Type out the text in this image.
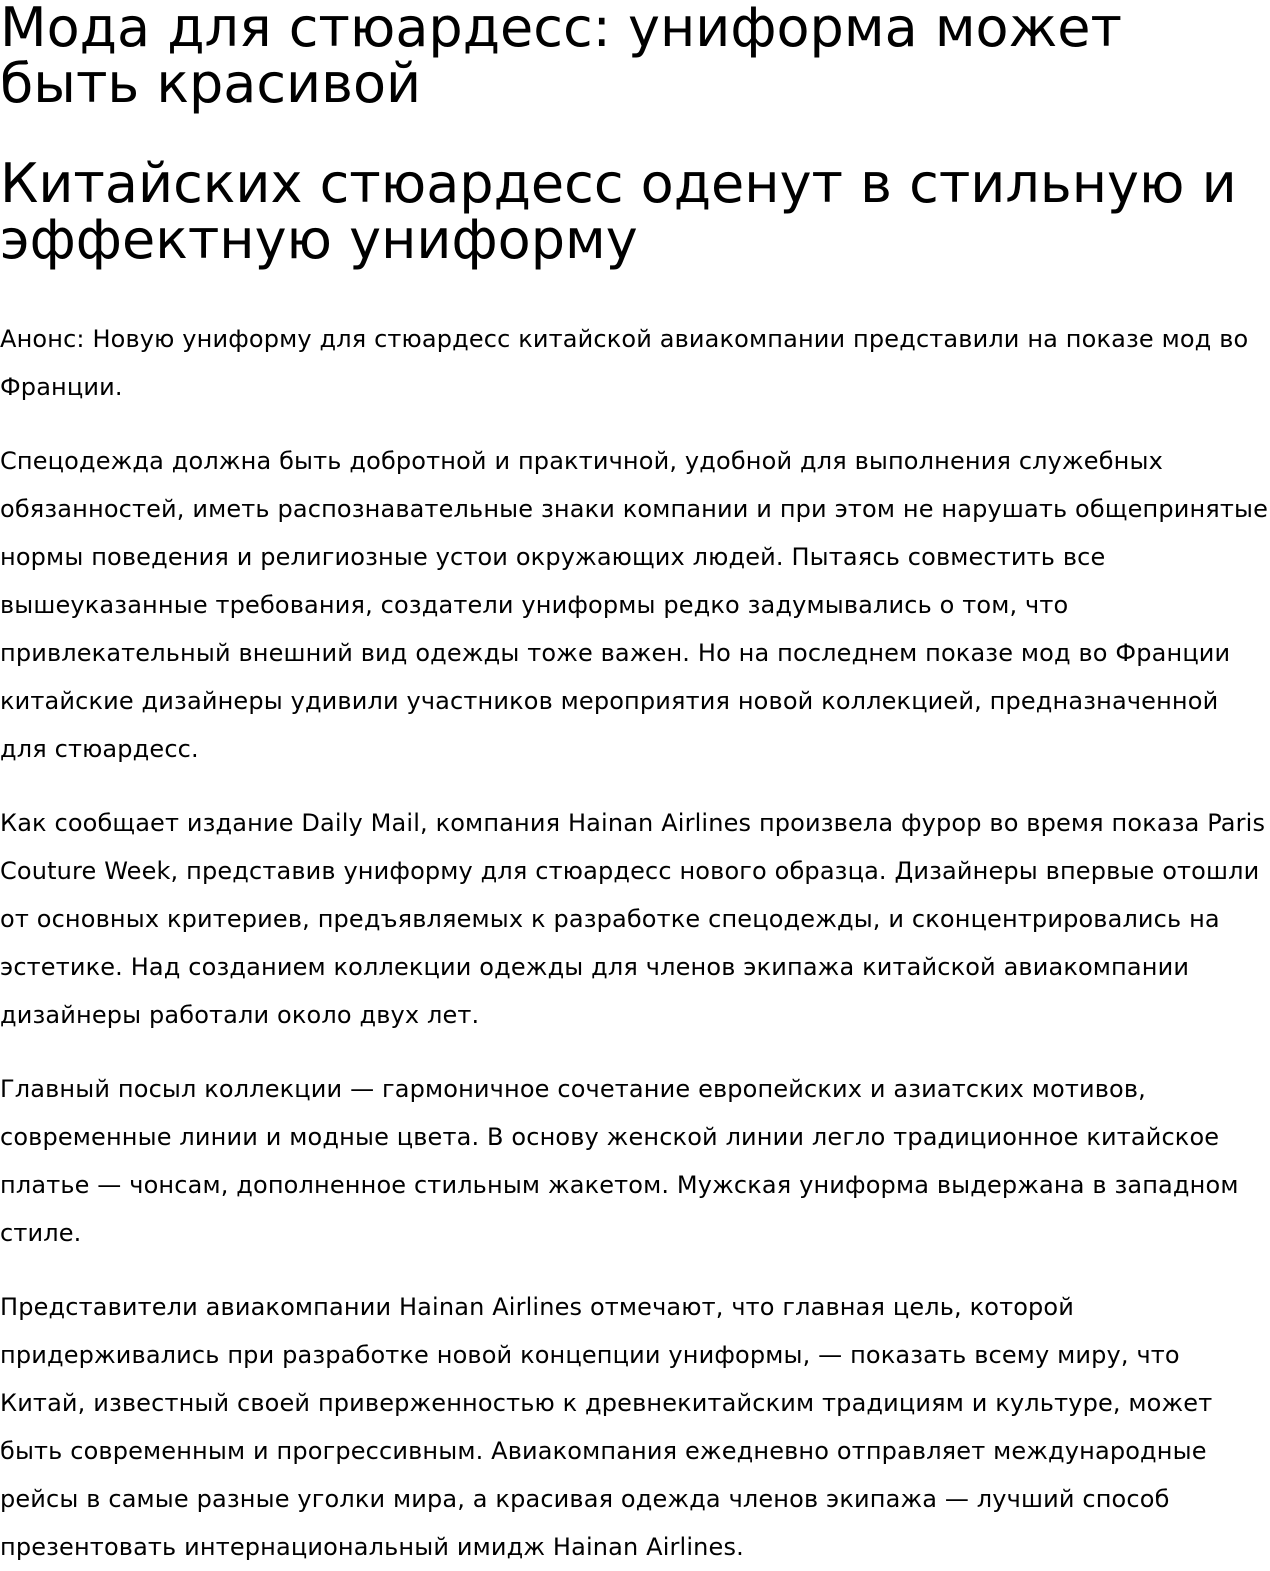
Мода для стюардесс: униформа может быть красивой
Китайских стюардесс оденут в стильную и эффектную униформу

Анонс: Новую униформу для стюардесс китайской авиакомпании представили на показе мод во Франции.

Спецодежда должна быть добротной и практичной, удобной для выполнения служебных обязанностей, иметь распознавательные знаки компании и при этом не нарушать общепринятые нормы поведения и религиозные устои окружающих людей. Пытаясь совместить все вышеуказанные требования, создатели униформы редко задумывались о том, что привлекательный внешний вид одежды тоже важен. Но на последнем показе мод во Франции китайские дизайнеры удивили участников мероприятия новой коллекцией, предназначенной для стюардесс.

Как сообщает издание Daily Mail, компания Hainan Airlines произвела фурор во время показа Paris Couture Week, представив униформу для стюардесс нового образца. Дизайнеры впервые отошли от основных критериев, предъявляемых к разработке спецодежды, и сконцентрировались на эстетике. Над созданием коллекции одежды для членов экипажа китайской авиакомпании дизайнеры работали около двух лет.

Главный посыл коллекции — гармоничное сочетание европейских и азиатских мотивов, современные линии и модные цвета. В основу женской линии легло традиционное китайское платье — чонсам, дополненное стильным жакетом. Мужская униформа выдержана в западном стиле.

Представители авиакомпании Hainan Airlines отмечают, что главная цель, которой придерживались при разработке новой концепции униформы, — показать всему миру, что Китай, известный своей приверженностью к древнекитайским традициям и культуре, может быть современным и прогрессивным. Авиакомпания ежедневно отправляет международные рейсы в самые разные уголки мира, а красивая одежда членов экипажа — лучший способ презентовать интернациональный имидж Hainan Airlines.
